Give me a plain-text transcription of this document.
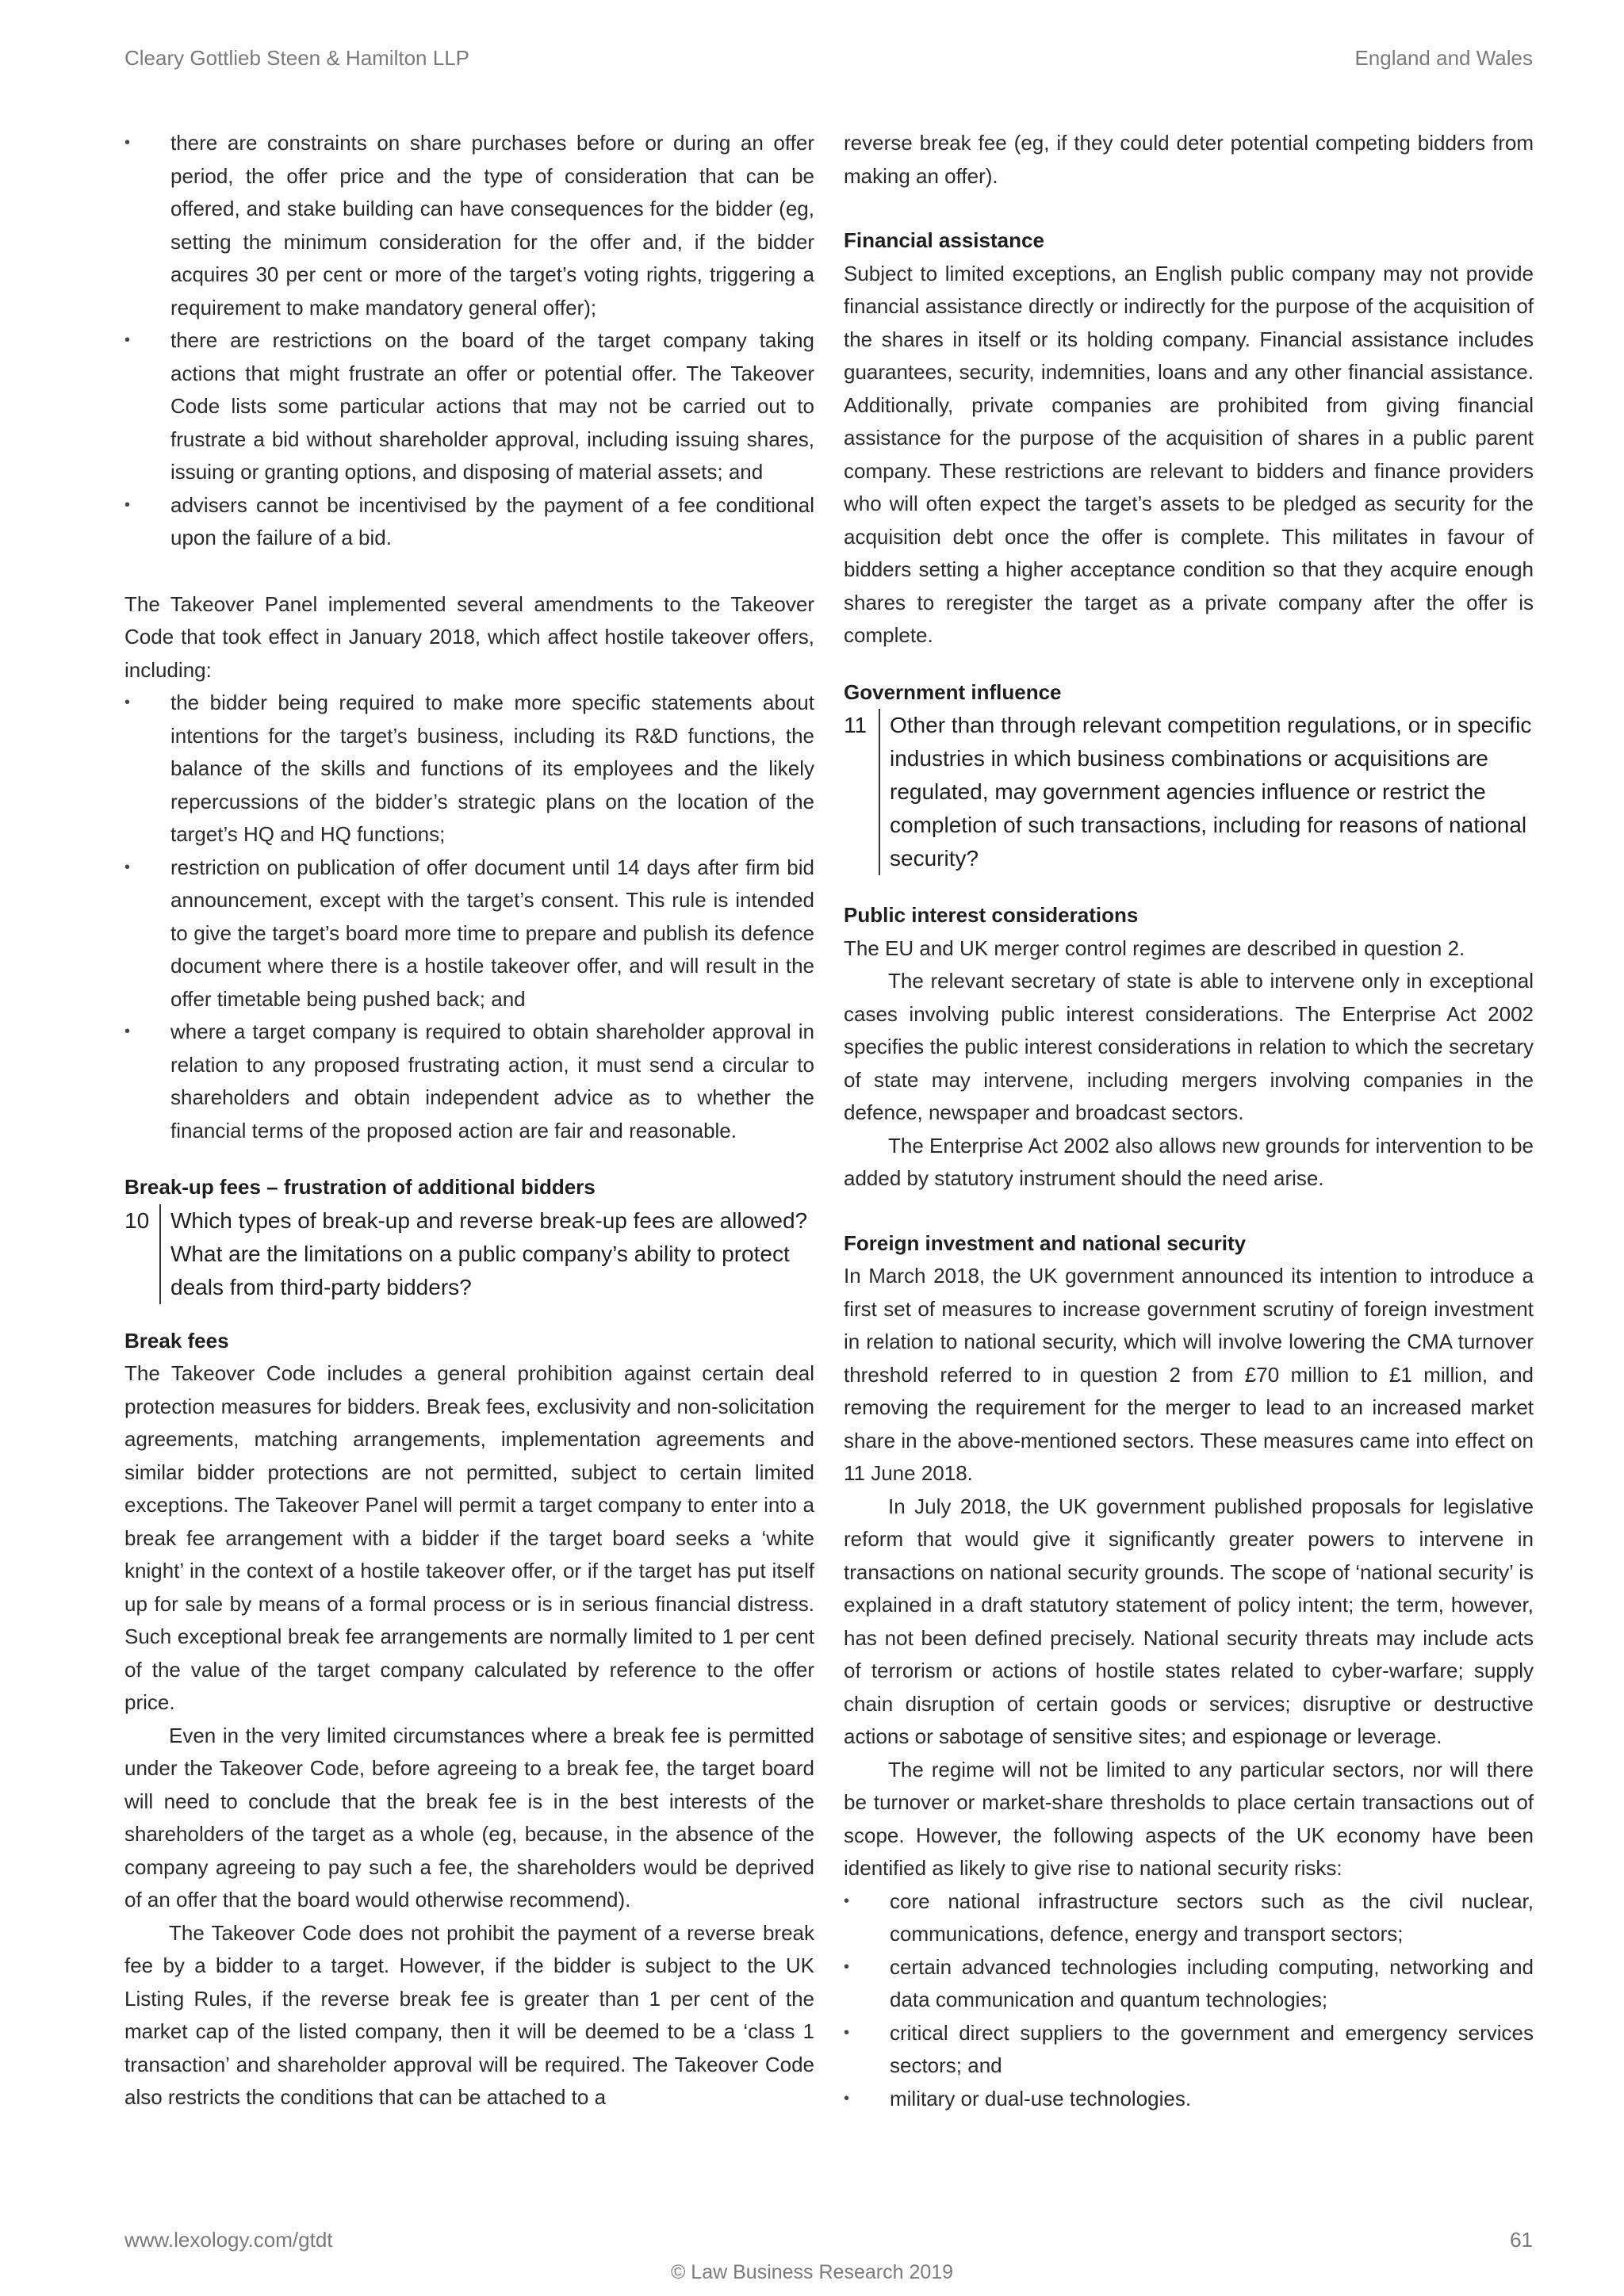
Cleary Gottlieb Steen & Hamilton LLP	England and Wales
• there are constraints on share purchases before or during an offer period, the offer price and the type of consideration that can be offered, and stake building can have consequences for the bidder (eg, setting the minimum consideration for the offer and, if the bidder acquires 30 per cent or more of the target’s voting rights, triggering a requirement to make mandatory general offer);
• there are restrictions on the board of the target company taking actions that might frustrate an offer or potential offer. The Takeover Code lists some particular actions that may not be carried out to frustrate a bid without shareholder approval, including issuing shares, issuing or granting options, and disposing of material assets; and
• advisers cannot be incentivised by the payment of a fee conditional upon the failure of a bid.

The Takeover Panel implemented several amendments to the Takeover Code that took effect in January 2018, which affect hostile takeover offers, including:

• the bidder being required to make more specific statements about intentions for the target’s business, including its R&D functions, the balance of the skills and functions of its employees and the likely repercussions of the bidder’s strategic plans on the location of the target’s HQ and HQ functions;
• restriction on publication of offer document until 14 days after firm bid announcement, except with the target’s consent. This rule is intended to give the target’s board more time to prepare and publish its defence document where there is a hostile takeover offer, and will result in the offer timetable being pushed back; and
• where a target company is required to obtain shareholder approval in relation to any proposed frustrating action, it must send a circular to shareholders and obtain independent advice as to whether the financial terms of the proposed action are fair and reasonable.
Break-up fees – frustration of additional bidders
10 Which types of break-up and reverse break-up fees are allowed? What are the limitations on a public company’s ability to protect deals from third-party bidders?
Break fees

The Takeover Code includes a general prohibition against certain deal protection measures for bidders. Break fees, exclusivity and non-solicitation agreements, matching arrangements, implementation agreements and similar bidder protections are not permitted, subject to certain limited exceptions. The Takeover Panel will permit a target company to enter into a break fee arrangement with a bidder if the target board seeks a ‘white knight’ in the context of a hostile takeover offer, or if the target has put itself up for sale by means of a formal process or is in serious financial distress. Such exceptional break fee arrangements are normally limited to 1 per cent of the value of the target company calculated by reference to the offer price.

Even in the very limited circumstances where a break fee is permitted under the Takeover Code, before agreeing to a break fee, the target board will need to conclude that the break fee is in the best interests of the shareholders of the target as a whole (eg, because, in the absence of the company agreeing to pay such a fee, the shareholders would be deprived of an offer that the board would otherwise recommend).

The Takeover Code does not prohibit the payment of a reverse break fee by a bidder to a target. However, if the bidder is subject to the UK Listing Rules, if the reverse break fee is greater than 1 per cent of the market cap of the listed company, then it will be deemed to be a ‘class 1 transaction’ and shareholder approval will be required. The Takeover Code also restricts the conditions that can be attached to a

reverse break fee (eg, if they could deter potential competing bidders from making an offer).

Financial assistance

Subject to limited exceptions, an English public company may not provide financial assistance directly or indirectly for the purpose of the acquisition of the shares in itself or its holding company. Financial assistance includes guarantees, security, indemnities, loans and any other financial assistance. Additionally, private companies are prohibited from giving financial assistance for the purpose of the acquisition of shares in a public parent company. These restrictions are relevant to bidders and finance providers who will often expect the target’s assets to be pledged as security for the acquisition debt once the offer is complete. This militates in favour of bidders setting a higher acceptance condition so that they acquire enough shares to reregister the target as a private company after the offer is complete.

Government influence
11	Other than through relevant competition regulations, or in specific industries in which business combinations or acquisitions are regulated, may government agencies influence or restrict the completion of such transactions, including for reasons of national security?
Public interest considerations

The EU and UK merger control regimes are described in question 2.

The relevant secretary of state is able to intervene only in exceptional cases involving public interest considerations. The Enterprise Act 2002 specifies the public interest considerations in relation to which the secretary of state may intervene, including mergers involving companies in the defence, newspaper and broadcast sectors.

The Enterprise Act 2002 also allows new grounds for intervention to be added by statutory instrument should the need arise.

Foreign investment and national security

In March 2018, the UK government announced its intention to introduce a first set of measures to increase government scrutiny of foreign investment in relation to national security, which will involve lowering the CMA turnover threshold referred to in question 2 from £70 million to £1 million, and removing the requirement for the merger to lead to an increased market share in the above-mentioned sectors. These measures came into effect on 11 June 2018.

In July 2018, the UK government published proposals for legislative reform that would give it significantly greater powers to intervene in transactions on national security grounds. The scope of ‘national security’ is explained in a draft statutory statement of policy intent; the term, however, has not been defined precisely. National security threats may include acts of terrorism or actions of hostile states related to cyber-warfare; supply chain disruption of certain goods or services; disruptive or destructive actions or sabotage of sensitive sites; and espionage or leverage.

The regime will not be limited to any particular sectors, nor will there be turnover or market-share thresholds to place certain transactions out of scope. However, the following aspects of the UK economy have been identified as likely to give rise to national security risks:

• core national infrastructure sectors such as the civil nuclear, communications, defence, energy and transport sectors;
• certain advanced technologies including computing, networking and data communication and quantum technologies;
• critical direct suppliers to the government and emergency services sectors; and
• military or dual-use technologies.
www.lexology.com/gtdt	61
© Law Business Research 2019
